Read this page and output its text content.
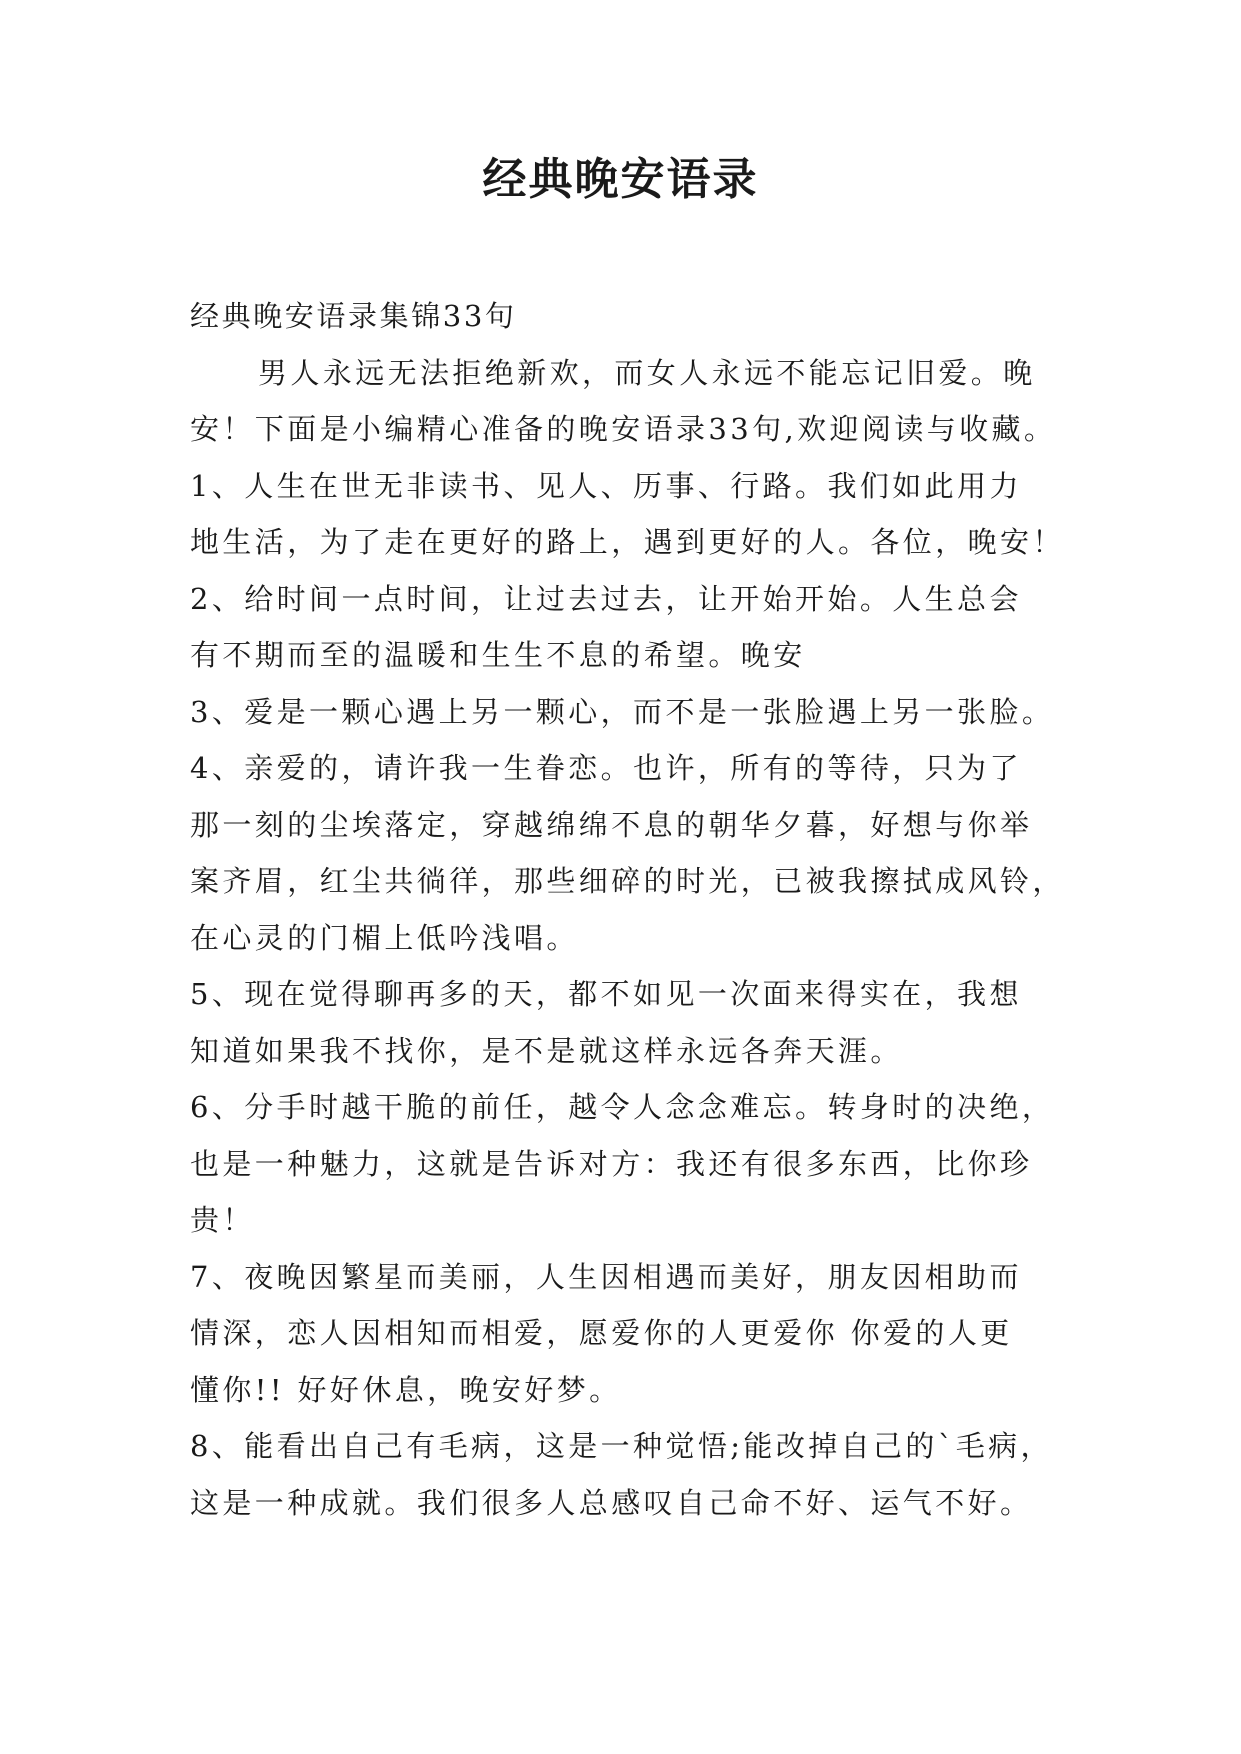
经典晚安语录
经典晚安语录集锦33句
男人永远无法拒绝新欢，而女人永远不能忘记旧爱。晚
安！下面是小编精心准备的晚安语录33句,欢迎阅读与收藏。
1、人生在世无非读书、见人、历事、行路。我们如此用力
地生活，为了走在更好的路上，遇到更好的人。各位，晚安！
2、给时间一点时间，让过去过去，让开始开始。人生总会
有不期而至的温暖和生生不息的希望。晚安
3、爱是一颗心遇上另一颗心，而不是一张脸遇上另一张脸。
4、亲爱的，请许我一生眷恋。也许，所有的等待，只为了
那一刻的尘埃落定，穿越绵绵不息的朝华夕暮，好想与你举
案齐眉，红尘共徜徉，那些细碎的时光，已被我擦拭成风铃，
在心灵的门楣上低吟浅唱。
5、现在觉得聊再多的天，都不如见一次面来得实在，我想
知道如果我不找你，是不是就这样永远各奔天涯。
6、分手时越干脆的前任，越令人念念难忘。转身时的决绝，
也是一种魅力，这就是告诉对方：我还有很多东西，比你珍
贵！
7、夜晚因繁星而美丽，人生因相遇而美好，朋友因相助而
情深，恋人因相知而相爱，愿爱你的人更爱你 你爱的人更
懂你!! 好好休息，晚安好梦。
8、能看出自己有毛病，这是一种觉悟;能改掉自己的`毛病，
这是一种成就。我们很多人总感叹自己命不好、运气不好。
